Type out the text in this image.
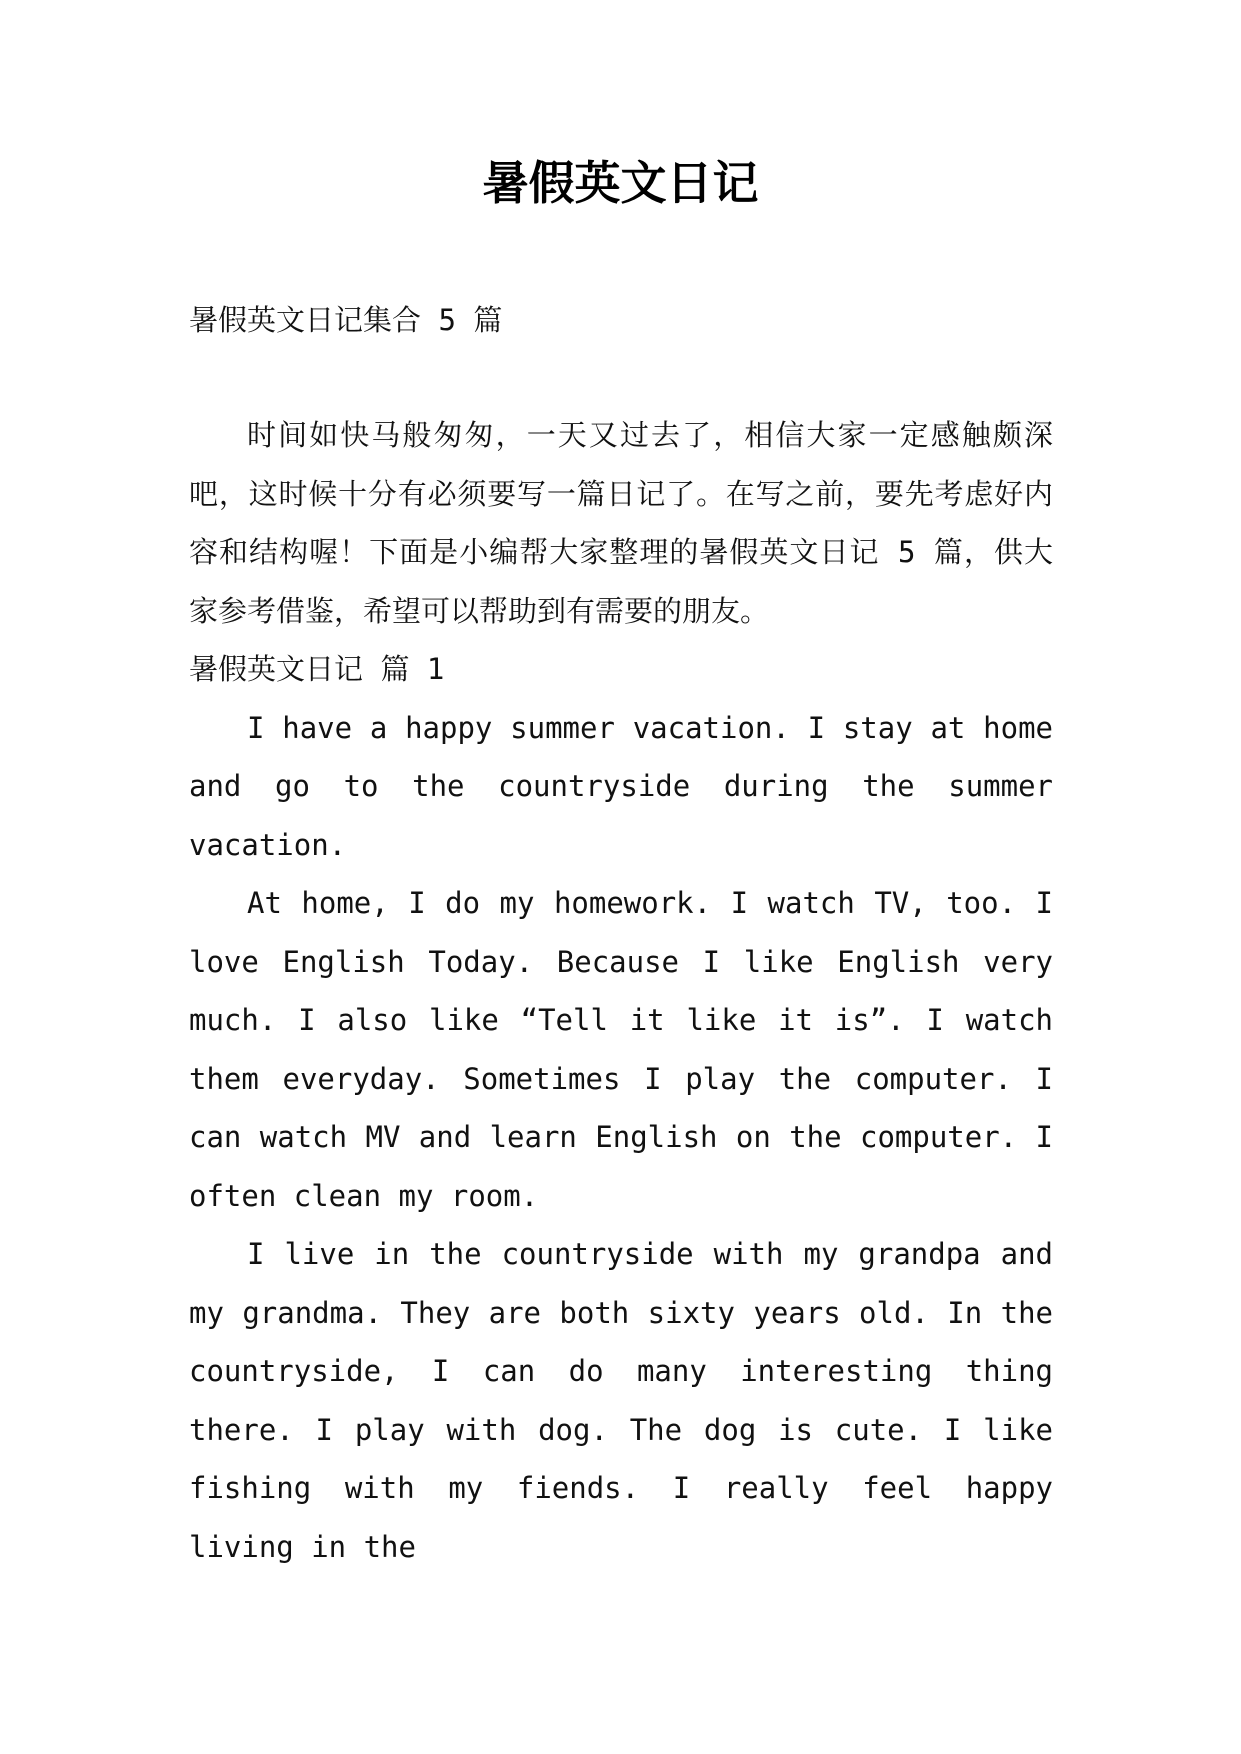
暑假英文日记
暑假英文日记集合 5 篇

时间如快马般匆匆，一天又过去了，相信大家一定感触颇深吧，这时候十分有必须要写一篇日记了。在写之前，要先考虑好内容和结构喔！下面是小编帮大家整理的暑假英文日记 5 篇，供大家参考借鉴，希望可以帮助到有需要的朋友。

暑假英文日记 篇 1

I have a happy summer vacation. I stay at home and go to the countryside during the summer vacation.

At home, I do my homework. I watch TV, too. I love English Today. Because I like English very much. I also like “Tell it like it is”. I watch them everyday. Sometimes I play the computer. I can watch MV and learn English on the computer. I often clean my room.

I live in the countryside with my grandpa and my grandma. They are both sixty years old. In the countryside, I can do many interesting thing there. I play with dog. The dog is cute. I like fishing with my fiends. I really feel happy living in the
